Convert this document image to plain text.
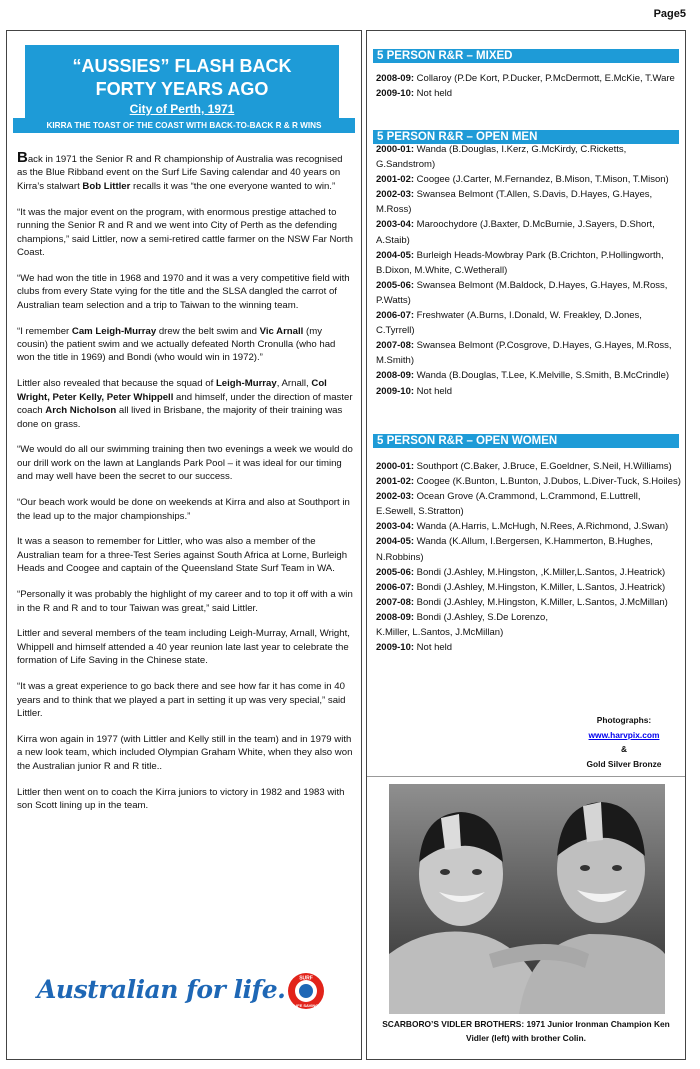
Page5
“AUSSIES” FLASH BACK
FORTY YEARS AGO
City of Perth, 1971
KIRRA THE TOAST OF THE COAST WITH BACK-TO-BACK R & R WINS

Back in 1971 the Senior R and R championship of Australia was recognised as the Blue Ribband event on the Surf Life Saving calendar and 40 years on Kirra’s stalwart Bob Littler recalls it was “the one everyone wanted to win.”

“It was the major event on the program, with enormous prestige attached to running the Senior R and R and we went into City of Perth as the defending champions,” said Littler, now a semi-retired cattle farmer on the NSW Far North Coast.

“We had won the title in 1968 and 1970 and it was a very competitive field with clubs from every State vying for the title and the SLSA dangled the carrot of Australian team selection and a trip to Taiwan to the winning team.

“I remember Cam Leigh-Murray drew the belt swim and Vic Arnall (my cousin) the patient swim and we actually defeated North Cronulla (who had won the title in 1969) and Bondi (who would win in 1972).”

Littler also revealed that because the squad of Leigh-Murray, Arnall, Col Wright, Peter Kelly, Peter Whippell and himself, under the direction of master coach Arch Nicholson all lived in Brisbane, the majority of their training was done on grass.

“We would do all our swimming training then two evenings a week we would do our drill work on the lawn at Langlands Park Pool – it was ideal for our timing and may well have been the secret to our success.

“Our beach work would be done on weekends at Kirra and also at Southport in the lead up to the major championships.”

It was a season to remember for Littler, who was also a member of the Australian team for a three-Test Series against South Africa at Lorne, Burleigh Heads and Coogee and captain of the Queensland State Surf Team in WA.

“Personally it was probably the highlight of my career and to top it off with a win in the R and R and to tour Taiwan was great,” said Littler.

Littler and several members of the team including Leigh-Murray, Arnall, Wright, Whippell and himself attended a 40 year reunion late last year to celebrate the formation of Life Saving in the Chinese state.

“It was a great experience to go back there and see how far it has come in 40 years and to think that we played a part in setting it up was very special,” said Littler.

Kirra won again in 1977 (with Littler and Kelly still in the team) and in 1979 with a new look team, which included Olympian Graham White, when they also won the Australian junior R and R title..

Littler then went on to coach the Kirra juniors to victory in 1982 and 1983 with son Scott lining up in the team.

Australian for life.	SURF
LIFE SAVING
5 PERSON R&R – MIXED
2008-09: Collaroy (P.De Kort, P.Ducker, P.McDermott, E.McKie, T.Ware
2009-10: Not held
5 PERSON R&R – OPEN MEN
2000-01: Wanda (B.Douglas, I.Kerz, G.McKirdy, C.Ricketts, G.Sandstrom)
2001-02: Coogee (J.Carter, M.Fernandez, B.Mison, T.Mison, T.Mison)
2002-03: Swansea Belmont (T.Allen, S.Davis, D.Hayes, G.Hayes, M.Ross)
2003-04: Maroochydore (J.Baxter, D.McBurnie, J.Sayers, D.Short, A.Staib)
2004-05: Burleigh Heads-Mowbray Park (B.Crichton, P.Hollingworth, B.Dixon, M.White, C.Wetherall)
2005-06: Swansea Belmont (M.Baldock, D.Hayes, G.Hayes, M.Ross, P.Watts)
2006-07: Freshwater (A.Burns, I.Donald, W. Freakley, D.Jones, C.Tyrrell)
2007-08: Swansea Belmont (P.Cosgrove, D.Hayes, G.Hayes, M.Ross, M.Smith)
2008-09: Wanda (B.Douglas, T.Lee, K.Melville, S.Smith, B.McCrindle)
2009-10: Not held
5 PERSON R&R – OPEN WOMEN
2000-01: Southport (C.Baker, J.Bruce, E.Goeldner, S.Neil, H.Williams)
2001-02: Coogee (K.Bunton, L.Bunton, J.Dubos, L.Diver-Tuck, S.Hoiles)
2002-03: Ocean Grove (A.Crammond, L.Crammond, E.Luttrell, E.Sewell, S.Stratton)
2003-04: Wanda (A.Harris, L.McHugh, N.Rees, A.Richmond, J.Swan)
2004-05: Wanda (K.Allum, I.Bergersen, K.Hammerton, B.Hughes, N.Robbins)
2005-06: Bondi (J.Ashley, M.Hingston, ,K.Miller,L.Santos, J.Heatrick)
2006-07: Bondi (J.Ashley, M.Hingston, K.Miller, L.Santos, J.Heatrick)
2007-08: Bondi (J.Ashley, M.Hingston, K.Miller, L.Santos, J.McMillan)
2008-09: Bondi (J.Ashley, S.De Lorenzo, K.Miller, L.Santos, J.McMillan)
2009-10: Not held
Photographs:
www.harvpix.com
&
Gold Silver Bronze
SCARBORO’S VIDLER BROTHERS: 1971 Junior Ironman Champion Ken Vidler (left) with brother Colin.
